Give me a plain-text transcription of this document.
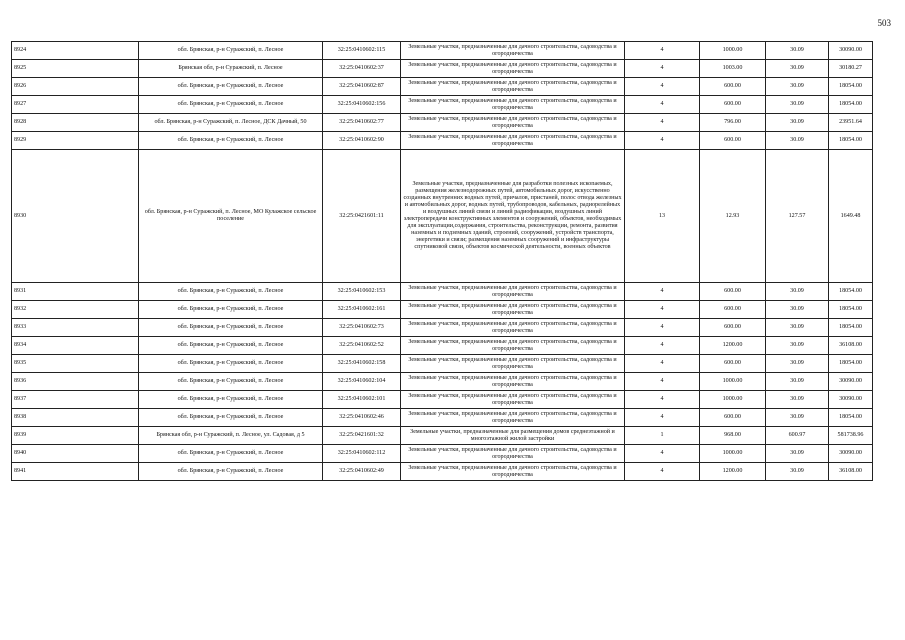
503
8924	обл. Брянская, р-н Суражский, п. Лесное	32:25:0410602:115	Земельные участки, предназначенные для дачного строительства, садоводства и огородничества	4	1000.00	30.09	30090.00
8925	Брянская обл, р-н Суражский, п. Лесное	32:25:0410602:37	Земельные участки, предназначенные для дачного строительства, садоводства и огородничества	4	1003.00	30.09	30180.27
8926	обл. Брянская, р-н Суражский, п. Лесное	32:25:0410602:87	Земельные участки, предназначенные для дачного строительства, садоводства и огородничества	4	600.00	30.09	18054.00
8927	обл. Брянская, р-н Суражский, п. Лесное	32:25:0410602:156	Земельные участки, предназначенные для дачного строительства, садоводства и огородничества	4	600.00	30.09	18054.00
8928	обл. Брянская, р-н Суражский, п. Лесное, ДСК Дачный, 50	32:25:0410602:77	Земельные участки, предназначенные для дачного строительства, садоводства и огородничества	4	796.00	30.09	23951.64
8929	обл. Брянская, р-н Суражский, п. Лесное	32:25:0410602:90	Земельные участки, предназначенные для дачного строительства, садоводства и огородничества	4	600.00	30.09	18054.00
8930	обл. Брянская, р-н Суражский, п. Лесное, МО Кулажское сельское поселение	32:25:0421601:11	Земельные участки, предназначенные для разработки полезных ископаемых, размещения железнодорожных путей, автомобильных дорог, искусственно созданных внутренних водных путей, причалов, пристаней, полос отвода железных и автомобильных дорог, водных путей, трубопроводов, кабельных, радиорелейных и воздушных линий связи и линий радиофикации, воздушных линий электропередачи конструктивных элементов и сооружений, объектов, необходимых для эксплуатации,содержания, строительства, реконструкции, ремонта, развития наземных и подземных зданий, строений, сооружений, устройств транспорта, энергетики и связи; размещения наземных сооружений и инфраструктуры спутниковой связи, объектов космической деятельности, военных объектов	13	12.93	127.57	1649.48
8931	обл. Брянская, р-н Суражский, п. Лесное	32:25:0410602:153	Земельные участки, предназначенные для дачного строительства, садоводства и огородничества	4	600.00	30.09	18054.00
8932	обл. Брянская, р-н Суражский, п. Лесное	32:25:0410602:161	Земельные участки, предназначенные для дачного строительства, садоводства и огородничества	4	600.00	30.09	18054.00
8933	обл. Брянская, р-н Суражский, п. Лесное	32:25:0410602:73	Земельные участки, предназначенные для дачного строительства, садоводства и огородничества	4	600.00	30.09	18054.00
8934	обл. Брянская, р-н Суражский, п. Лесное	32:25:0410602:52	Земельные участки, предназначенные для дачного строительства, садоводства и огородничества	4	1200.00	30.09	36108.00
8935	обл. Брянская, р-н Суражский, п. Лесное	32:25:0410602:158	Земельные участки, предназначенные для дачного строительства, садоводства и огородничества	4	600.00	30.09	18054.00
8936	обл. Брянская, р-н Суражский, п. Лесное	32:25:0410602:104	Земельные участки, предназначенные для дачного строительства, садоводства и огородничества	4	1000.00	30.09	30090.00
8937	обл. Брянская, р-н Суражский, п. Лесное	32:25:0410602:101	Земельные участки, предназначенные для дачного строительства, садоводства и огородничества	4	1000.00	30.09	30090.00
8938	обл. Брянская, р-н Суражский, п. Лесное	32:25:0410602:46	Земельные участки, предназначенные для дачного строительства, садоводства и огородничества	4	600.00	30.09	18054.00
8939	Брянская обл, р-н Суражский, п. Лесное, ул. Садовая, д 5	32:25:0421601:32	Земельные участки, предназначенные для размещения домов среднеэтажной и многоэтажной жилой застройки	1	968.00	600.97	581738.96
8940	обл. Брянская, р-н Суражский, п. Лесное	32:25:0410602:112	Земельные участки, предназначенные для дачного строительства, садоводства и огородничества	4	1000.00	30.09	30090.00
8941	обл. Брянская, р-н Суражский, п. Лесное	32:25:0410602:49	Земельные участки, предназначенные для дачного строительства, садоводства и огородничества	4	1200.00	30.09	36108.00
